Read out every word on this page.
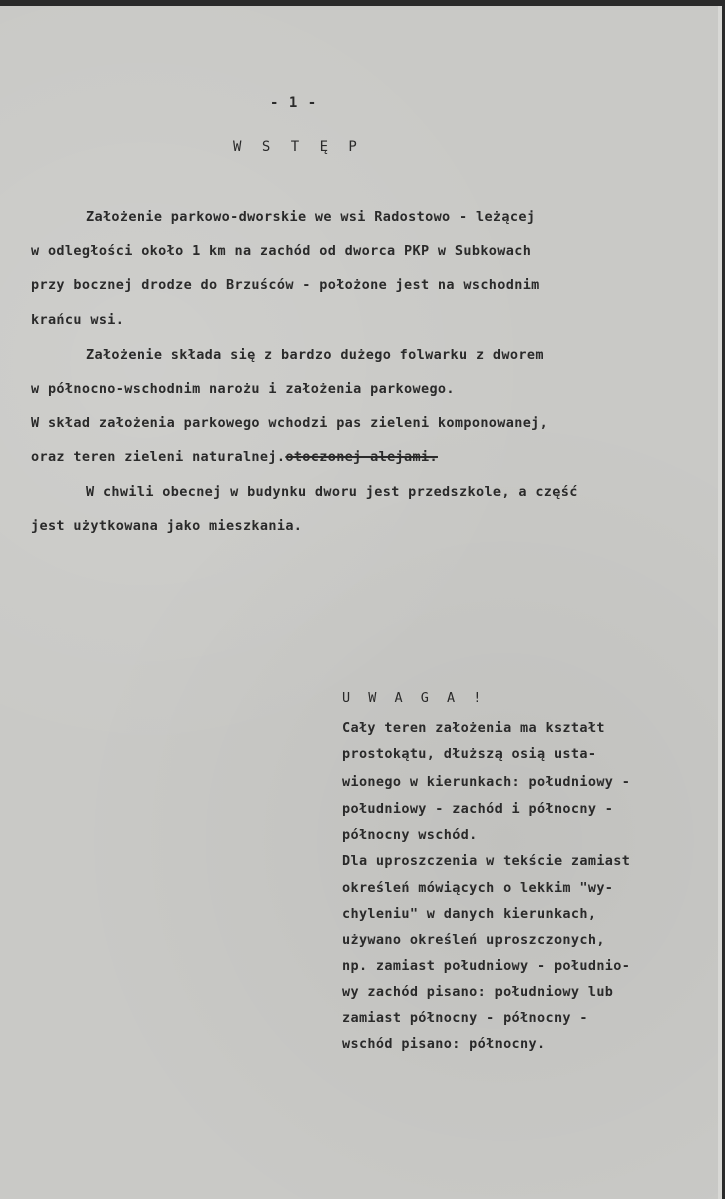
- 1 -
W S T Ę P
Założenie parkowo-dworskie we wsi Radostowo - leżącej
w odległości około 1 km na zachód od dworca PKP w Subkowach
przy bocznej drodze do Brzuśców - położone jest na wschodnim
krańcu wsi.
Założenie składa się z bardzo dużego folwarku z dworem
w północno-wschodnim narożu i założenia parkowego.
W skład założenia parkowego wchodzi pas zieleni komponowanej,
oraz teren zieleni naturalnej.otoczonej alejami.
W chwili obecnej w budynku dworu jest przedszkole, a część
jest użytkowana jako mieszkania.
U W A G A !
Cały teren założenia ma kształt
prostokątu, dłuższą osią usta-
wionego w kierunkach: południowy -
południowy - zachód i północny -
północny wschód.
Dla uproszczenia w tekście zamiast
określeń mówiących o lekkim "wy-
chyleniu" w danych kierunkach,
używano określeń uproszczonych,
np. zamiast południowy - południo-
wy zachód pisano: południowy lub
zamiast północny - północny -
wschód pisano: północny.
